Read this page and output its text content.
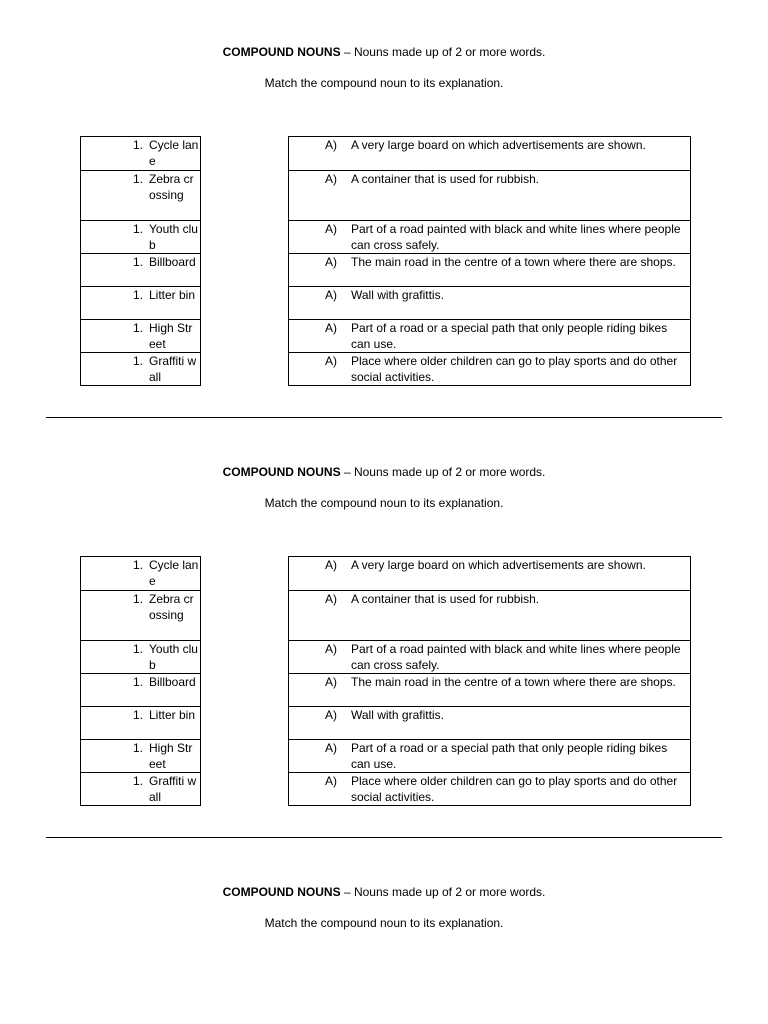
COMPOUND NOUNS – Nouns made up of 2 or more words.
Match the compound noun to its explanation.
1. Cycle lane

1. Zebra crossing

1. Youth club

1. Billboard

1. Litter bin

1. High Street

1. Graffiti wall
A)	A very large board on which advertisements are shown.

A)	A container that is used for rubbish.

A)	Part of a road painted with black and white lines where people can cross safely.

A)	The main road in the centre of a town where there are shops.

A)	Wall with grafittis.

A)	Part of a road or a special path that only people riding bikes can use.

A)	Place where older children can go to play sports and do other social activities.
COMPOUND NOUNS – Nouns made up of 2 or more words.
Match the compound noun to its explanation.
1. Cycle lane

1. Zebra crossing

1. Youth club

1. Billboard

1. Litter bin

1. High Street

1. Graffiti wall
A)	A very large board on which advertisements are shown.

A)	A container that is used for rubbish.

A)	Part of a road painted with black and white lines where people can cross safely.

A)	The main road in the centre of a town where there are shops.

A)	Wall with grafittis.

A)	Part of a road or a special path that only people riding bikes can use.

A)	Place where older children can go to play sports and do other social activities.
COMPOUND NOUNS – Nouns made up of 2 or more words.
Match the compound noun to its explanation.
